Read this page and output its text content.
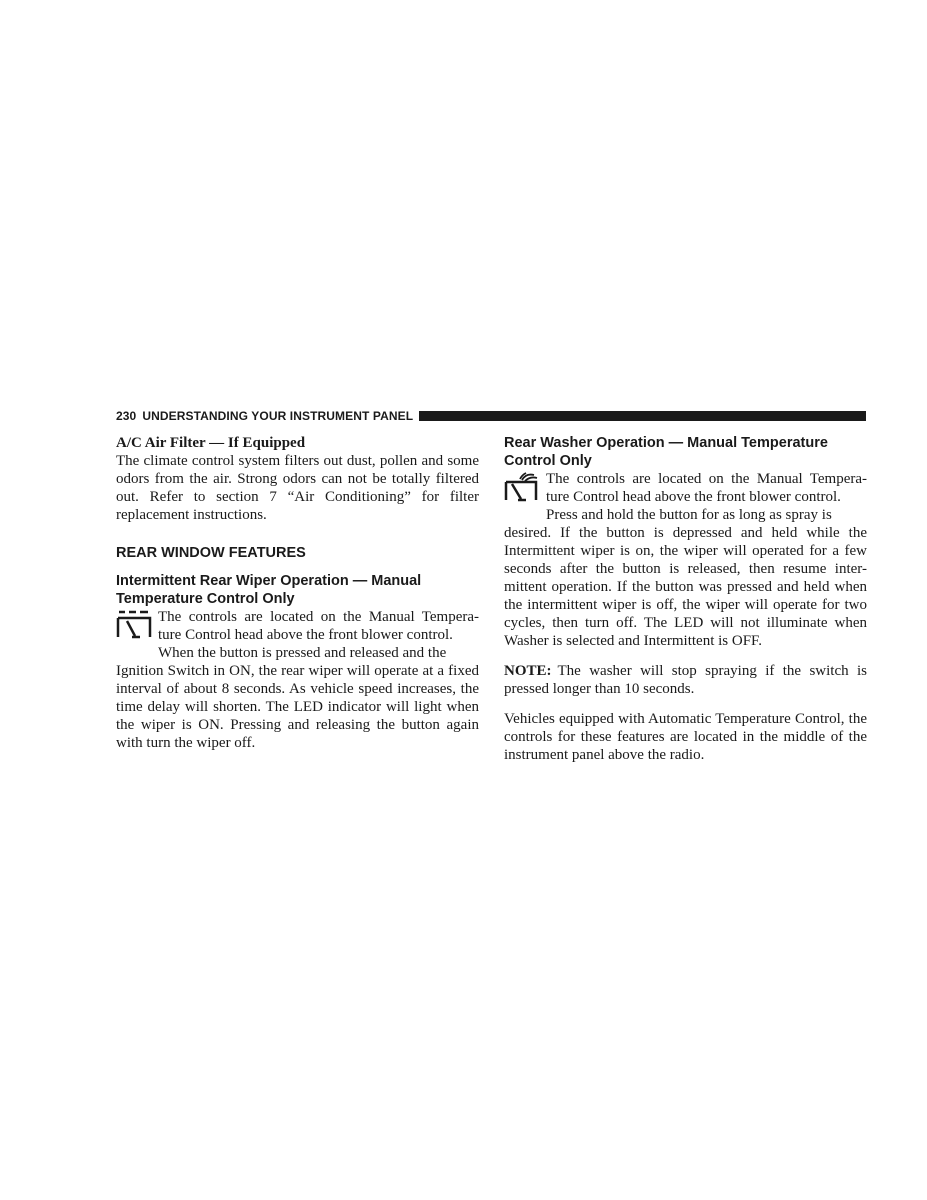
230 UNDERSTANDING YOUR INSTRUMENT PANEL
A/C Air Filter — If Equipped

The climate control system filters out dust, pollen and some odors from the air. Strong odors can not be totally filtered out. Refer to section 7 “Air Conditioning” for filter replacement instructions.

REAR WINDOW FEATURES
Intermittent Rear Wiper Operation — Manual Temperature Control Only

The controls are located on the Manual Tempera- ture Control head above the front blower control.

When the button is pressed and released and the

Ignition Switch in ON, the rear wiper will operate at a fixed interval of about 8 seconds. As vehicle speed increases, the time delay will shorten. The LED indicator will light when the wiper is ON. Pressing and releasing the button again with turn the wiper off.

Rear Washer Operation — Manual Temperature Control Only

The controls are located on the Manual Tempera- ture Control head above the front blower control.

Press and hold the button for as long as spray is

desired. If the button is depressed and held while the Intermittent wiper is on, the wiper will operated for a few seconds after the button is released, then resume inter- mittent operation. If the button was pressed and held when the intermittent wiper is off, the wiper will operate for two cycles, then turn off. The LED will not illuminate when Washer is selected and Intermittent is OFF.

NOTE: The washer will stop spraying if the switch is pressed longer than 10 seconds.

Vehicles equipped with Automatic Temperature Control, the controls for these features are located in the middle of the instrument panel above the radio.
